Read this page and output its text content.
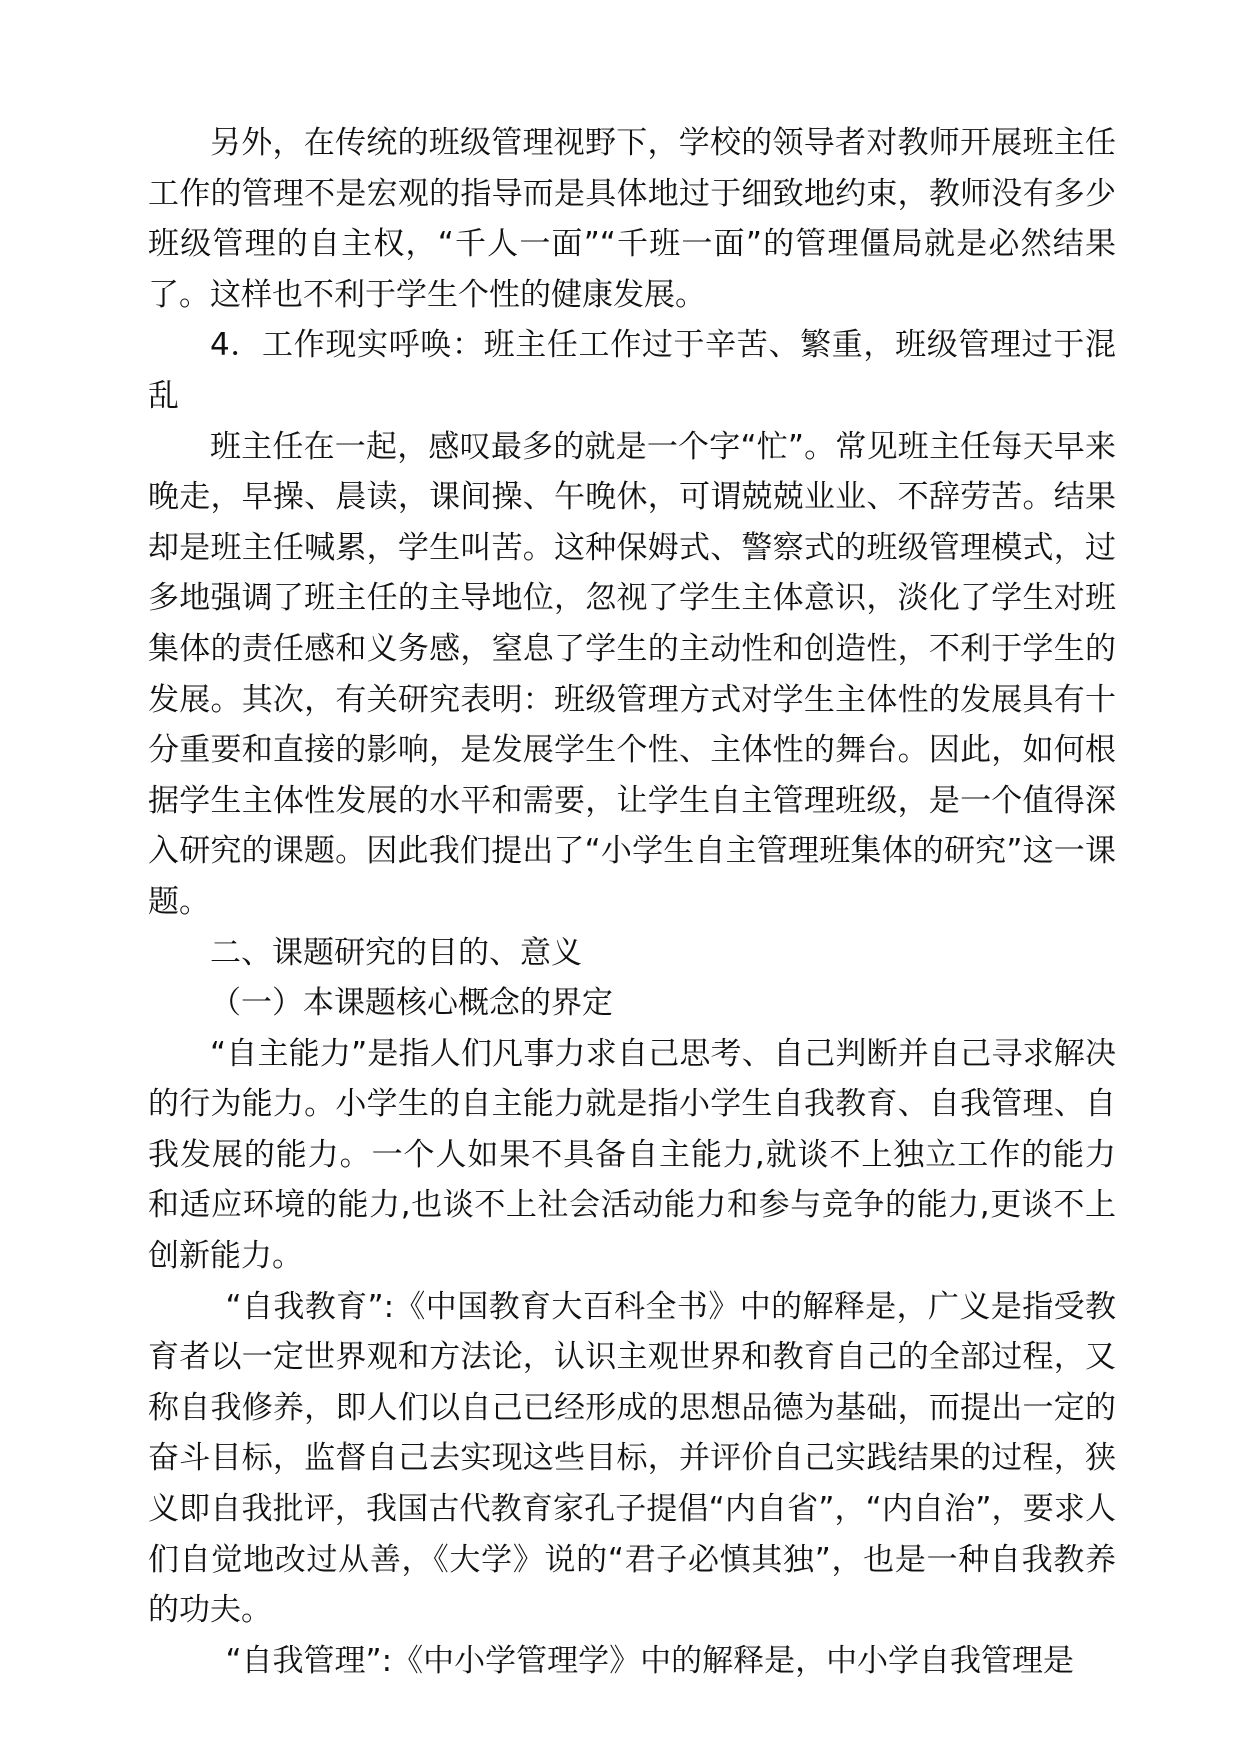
另外，在传统的班级管理视野下，学校的领导者对教师开展班主任工作的管理不是宏观的指导而是具体地过于细致地约束，教师没有多少班级管理的自主权，“千人一面”“千班一面”的管理僵局就是必然结果了。这样也不利于学生个性的健康发展。

4．工作现实呼唤：班主任工作过于辛苦、繁重，班级管理过于混乱

班主任在一起，感叹最多的就是一个字“忙”。常见班主任每天早来晚走，早操、晨读，课间操、午晚休，可谓兢兢业业、不辞劳苦。结果却是班主任喊累，学生叫苦。这种保姆式、警察式的班级管理模式，过多地强调了班主任的主导地位，忽视了学生主体意识，淡化了学生对班集体的责任感和义务感，窒息了学生的主动性和创造性，不利于学生的发展。其次，有关研究表明：班级管理方式对学生主体性的发展具有十分重要和直接的影响，是发展学生个性、主体性的舞台。因此，如何根据学生主体性发展的水平和需要，让学生自主管理班级，是一个值得深入研究的课题。因此我们提出了“小学生自主管理班集体的研究”这一课题。

二、课题研究的目的、意义

（一）本课题核心概念的界定

“自主能力”是指人们凡事力求自己思考、自己判断并自己寻求解决的行为能力。小学生的自主能力就是指小学生自我教育、自我管理、自我发展的能力。一个人如果不具备自主能力,就谈不上独立工作的能力和适应环境的能力,也谈不上社会活动能力和参与竞争的能力,更谈不上创新能力。

“自我教育”:《中国教育大百科全书》中的解释是，广义是指受教育者以一定世界观和方法论，认识主观世界和教育自己的全部过程，又称自我修养，即人们以自己已经形成的思想品德为基础，而提出一定的奋斗目标，监督自己去实现这些目标，并评价自己实践结果的过程，狭义即自我批评，我国古代教育家孔子提倡“内自省”，“内自治”，要求人们自觉地改过从善，《大学》说的“君子必慎其独”，也是一种自我教养的功夫。

“自我管理”:《中小学管理学》中的解释是，中小学自我管理是
